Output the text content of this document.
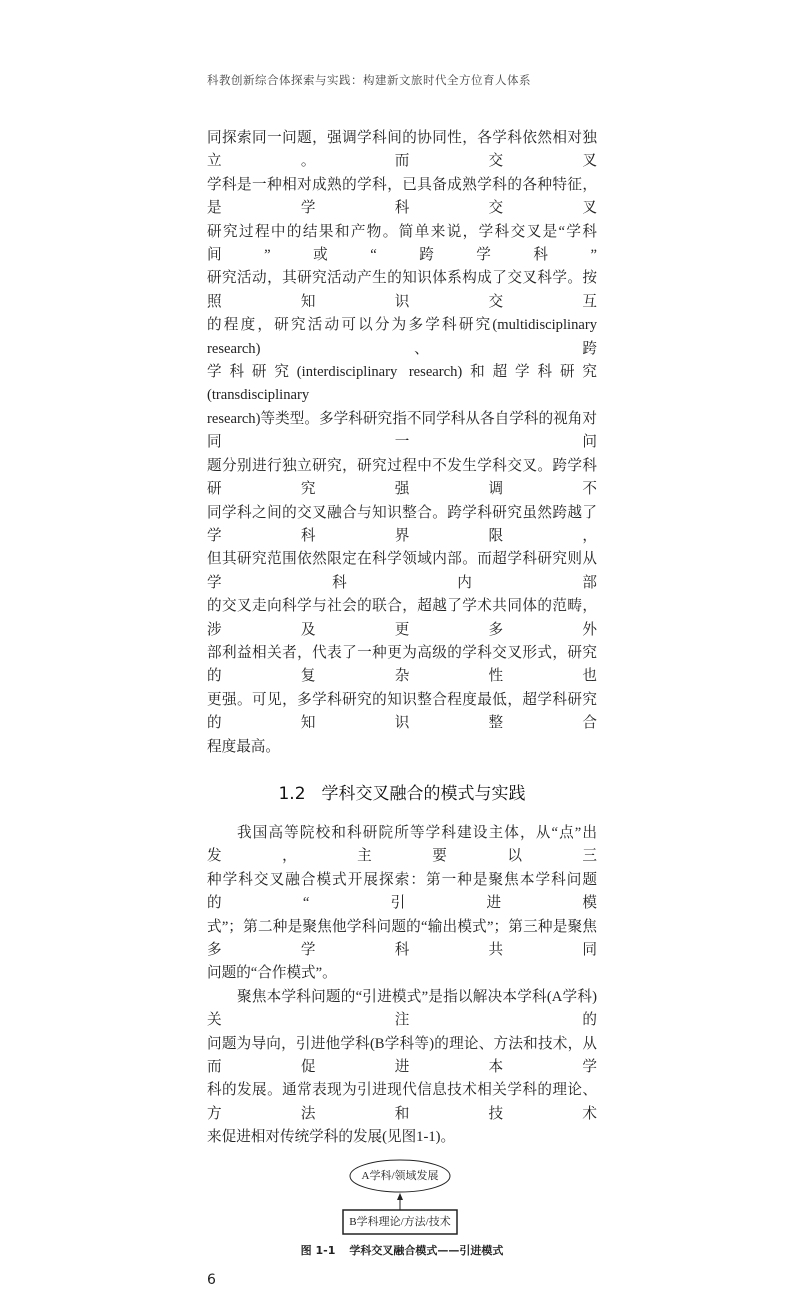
科教创新综合体探索与实践：构建新文旅时代全方位育人体系
同探索同一问题，强调学科间的协同性，各学科依然相对独立。而交叉
学科是一种相对成熟的学科，已具备成熟学科的各种特征，是学科交叉
研究过程中的结果和产物。简单来说，学科交叉是“学科间”或“跨学科”
研究活动，其研究活动产生的知识体系构成了交叉科学。按照知识交互
的程度，研究活动可以分为多学科研究(multidisciplinary research)、跨
学科研究(interdisciplinary research)和超学科研究(transdisciplinary
research)等类型。多学科研究指不同学科从各自学科的视角对同一问
题分别进行独立研究，研究过程中不发生学科交叉。跨学科研究强调不
同学科之间的交叉融合与知识整合。跨学科研究虽然跨越了学科界限，
但其研究范围依然限定在科学领域内部。而超学科研究则从学科内部
的交叉走向科学与社会的联合，超越了学术共同体的范畴，涉及更多外
部利益相关者，代表了一种更为高级的学科交叉形式，研究的复杂性也
更强。可见，多学科研究的知识整合程度最低，超学科研究的知识整合
程度最高。
1.2 学科交叉融合的模式与实践
我国高等院校和科研院所等学科建设主体，从“点”出发，主要以三
种学科交叉融合模式开展探索：第一种是聚焦本学科问题的“引进模
式”；第二种是聚焦他学科问题的“输出模式”；第三种是聚焦多学科共同
问题的“合作模式”。
聚焦本学科问题的“引进模式”是指以解决本学科(A学科)关注的
问题为导向，引进他学科(B学科等)的理论、方法和技术，从而促进本学
科的发展。通常表现为引进现代信息技术相关学科的理论、方法和技术
来促进相对传统学科的发展(见图1-1)。
A学科/领域发展
B学科理论/方法/技术
图 1-1 学科交叉融合模式——引进模式
6
